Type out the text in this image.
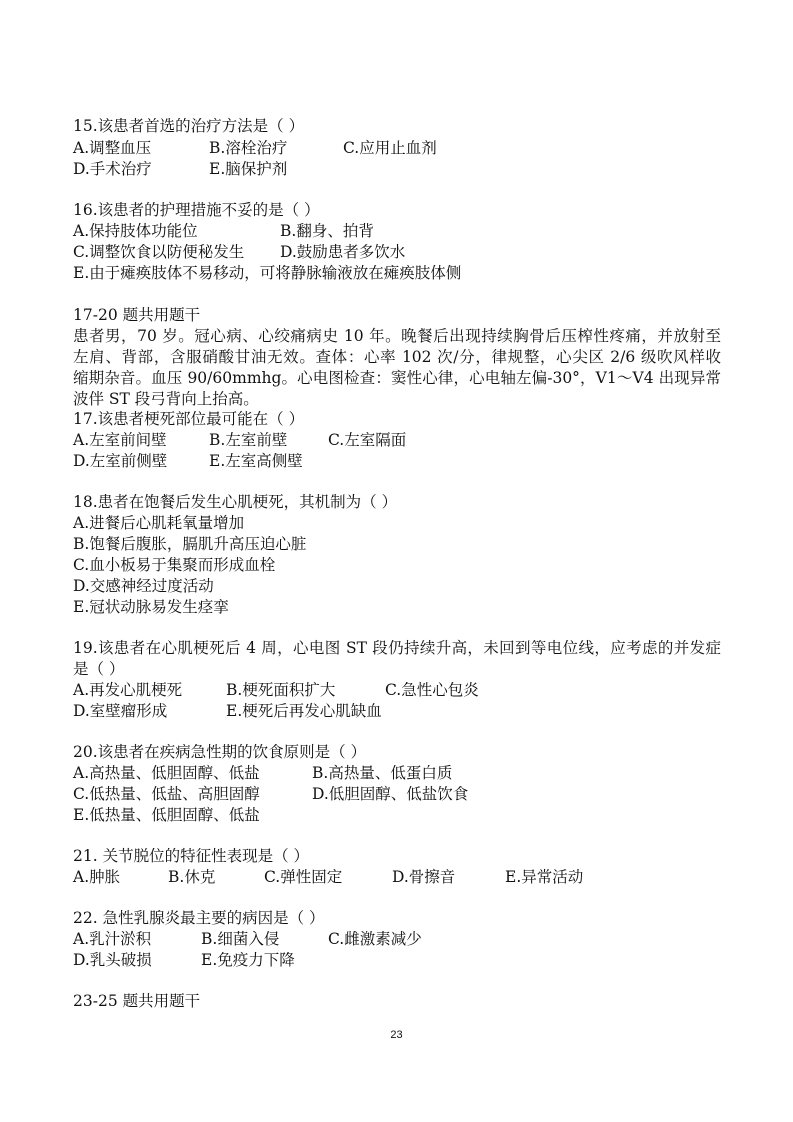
15.该患者首选的治疗方法是（ ）
A.调整血压	B.溶栓治疗	C.应用止血剂
D.手术治疗	E.脑保护剂
16.该患者的护理措施不妥的是（ ）
A.保持肢体功能位	B.翻身、拍背
C.调整饮食以防便秘发生 D.鼓励患者多饮水
E.由于瘫痪肢体不易移动，可将静脉输液放在瘫痪肢体侧
17-20 题共用题干
患者男，70 岁。冠心病、心绞痛病史 10 年。晚餐后出现持续胸骨后压榨性疼痛，并放射至
左肩、背部，含服硝酸甘油无效。查体：心率 102 次/分，律规整，心尖区 2/6 级吹风样收
缩期杂音。血压 90/60mmhg。心电图检查：窦性心律，心电轴左偏-30°，V1～V4 出现异常
波伴 ST 段弓背向上抬高。
17.该患者梗死部位最可能在（ ）
A.左室前间壁	B.左室前壁	C.左室隔面
D.左室前侧壁	E.左室高侧壁
18.患者在饱餐后发生心肌梗死，其机制为（ ）
A.进餐后心肌耗氧量增加
B.饱餐后腹胀，膈肌升高压迫心脏
C.血小板易于集聚而形成血栓
D.交感神经过度活动
E.冠状动脉易发生痉挛
19.该患者在心肌梗死后 4 周，心电图 ST 段仍持续升高，未回到等电位线，应考虑的并发症
是（ ）
A.再发心肌梗死	B.梗死面积扩大	C.急性心包炎
D.室壁瘤形成	E.梗死后再发心肌缺血
20.该患者在疾病急性期的饮食原则是（ ）
A.高热量、低胆固醇、低盐	B.高热量、低蛋白质
C.低热量、低盐、高胆固醇	D.低胆固醇、低盐饮食
E.低热量、低胆固醇、低盐
21. 关节脱位的特征性表现是（ ）
A.肿胀	B.休克	C.弹性固定	D.骨擦音	E.异常活动
22. 急性乳腺炎最主要的病因是（ ）
A.乳汁淤积	B.细菌入侵	C.雌激素减少
D.乳头破损	E.免疫力下降
23-25 题共用题干
23
